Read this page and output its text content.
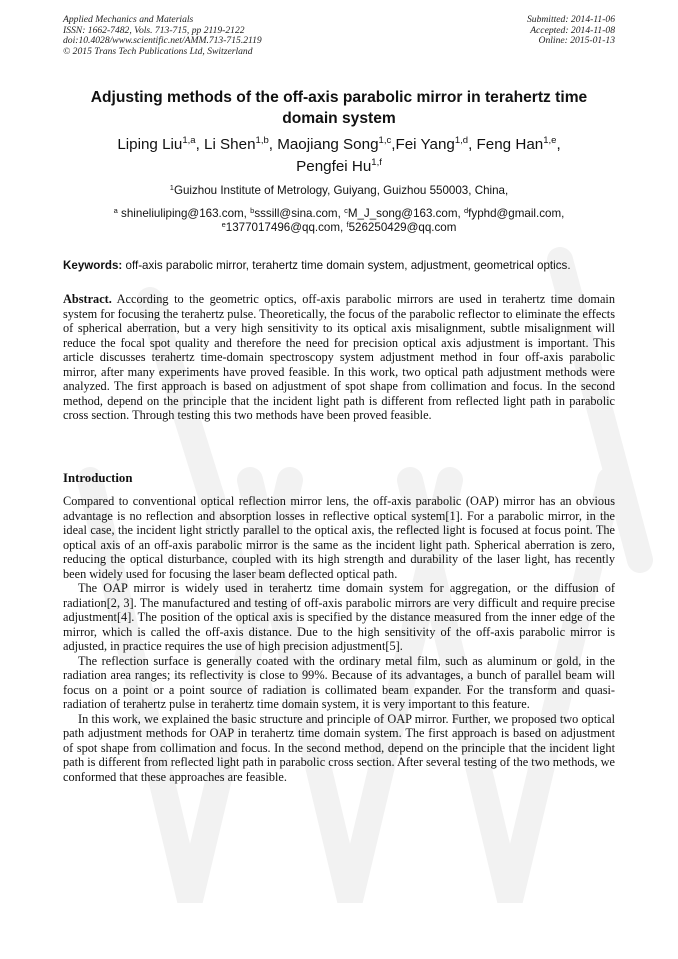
Applied Mechanics and Materials
ISSN: 1662-7482, Vols. 713-715, pp 2119-2122
doi:10.4028/www.scientific.net/AMM.713-715.2119
© 2015 Trans Tech Publications Ltd, Switzerland
Submitted: 2014-11-06
Accepted: 2014-11-08
Online: 2015-01-13
Adjusting methods of the off-axis parabolic mirror in terahertz time domain system
Liping Liu$^{1,a}$, Li Shen$^{1,b}$, Maojiang Song$^{1,c}$,Fei Yang$^{1,d}$, Feng Han$^{1,e}$,
Pengfei Hu$^{1,f}$
$^1$Guizhou Institute of Metrology, Guiyang, Guizhou 550003, China,
$^a$ shineliuliping@163.com, $^b$sssill@sina.com, $^c$M_J_song@163.com, $^d$fyphd@gmail.com,
$^e$1377017496@qq.com, $^f$526250429@qq.com
Keywords: off-axis parabolic mirror, terahertz time domain system, adjustment, geometrical optics.

Abstract. According to the geometric optics, off-axis parabolic mirrors are used in terahertz time domain system for focusing the terahertz pulse. Theoretically, the focus of the parabolic reflector to eliminate the effects of spherical aberration, but a very high sensitivity to its optical axis misalignment, subtle misalignment will reduce the focal spot quality and therefore the need for precision optical axis adjustment is important. This article discusses terahertz time-domain spectroscopy system adjustment method in four off-axis parabolic mirror, after many experiments have proved feasible. In this work, two optical path adjustment methods were analyzed. The first approach is based on adjustment of spot shape from collimation and focus. In the second method, depend on the principle that the incident light path is different from reflected light path in parabolic cross section. Through testing this two methods have been proved feasible.

Introduction

Compared to conventional optical reflection mirror lens, the off-axis parabolic (OAP) mirror has an obvious advantage is no reflection and absorption losses in reflective optical system[1]. For a parabolic mirror, in the ideal case, the incident light strictly parallel to the optical axis, the reflected light is focused at focus point. The optical axis of an off-axis parabolic mirror is the same as the incident light path. Spherical aberration is zero, reducing the optical disturbance, coupled with its high strength and durability of the laser light, has recently been widely used for focusing the laser beam deflected optical path.

The OAP mirror is widely used in terahertz time domain system for aggregation, or the diffusion of radiation[2, 3]. The manufactured and testing of off-axis parabolic mirrors are very difficult and require precise adjustment[4]. The position of the optical axis is specified by the distance measured from the inner edge of the mirror, which is called the off-axis distance. Due to the high sensitivity of the off-axis parabolic mirror is adjusted, in practice requires the use of high precision adjustment[5].

The reflection surface is generally coated with the ordinary metal film, such as aluminum or gold, in the radiation area ranges; its reflectivity is close to 99%. Because of its advantages, a bunch of parallel beam will focus on a point or a point source of radiation is collimated beam expander. For the transform and quasi-radiation of terahertz pulse in terahertz time domain system, it is very important to this feature.

In this work, we explained the basic structure and principle of OAP mirror. Further, we proposed two optical path adjustment methods for OAP in terahertz time domain system. The first approach is based on adjustment of spot shape from collimation and focus. In the second method, depend on the principle that the incident light path is different from reflected light path in parabolic cross section. After several testing of the two methods, we conformed that these approaches are feasible.
